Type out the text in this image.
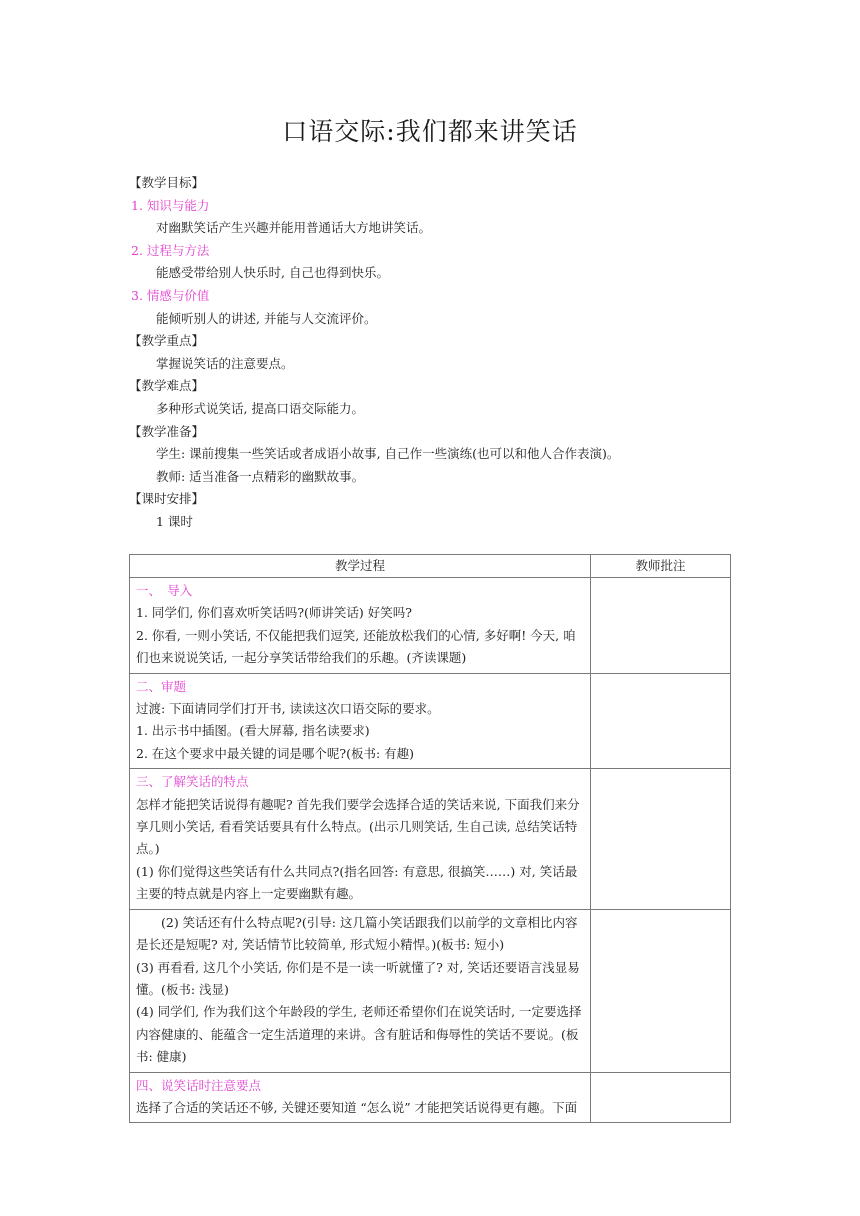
口语交际:我们都来讲笑话
【教学目标】
1. 知识与能力
对幽默笑话产生兴趣并能用普通话大方地讲笑话。
2. 过程与方法
能感受带给别人快乐时, 自己也得到快乐。
3. 情感与价值
能倾听别人的讲述, 并能与人交流评价。
【教学重点】
掌握说笑话的注意要点。
【教学难点】
多种形式说笑话, 提高口语交际能力。
【教学准备】
学生: 课前搜集一些笑话或者成语小故事, 自己作一些演练(也可以和他人合作表演)。
教师: 适当准备一点精彩的幽默故事。
【课时安排】
1 课时
教学过程	教师批注

一、　导入

1. 同学们, 你们喜欢听笑话吗?(师讲笑话) 好笑吗?

2. 你看, 一则小笑话, 不仅能把我们逗笑, 还能放松我们的心情, 多好啊! 今天, 咱们也来说说笑话, 一起分享笑话带给我们的乐趣。(齐读课题)	

二、审题

过渡: 下面请同学们打开书, 读读这次口语交际的要求。

1. 出示书中插图。(看大屏幕, 指名读要求)

2. 在这个要求中最关键的词是哪个呢?(板书: 有趣)	

三、了解笑话的特点

怎样才能把笑话说得有趣呢? 首先我们要学会选择合适的笑话来说, 下面我们来分享几则小笑话, 看看笑话要具有什么特点。(出示几则笑话, 生自己读, 总结笑话特点。)

(1) 你们觉得这些笑话有什么共同点?(指名回答: 有意思, 很搞笑……) 对, 笑话最主要的特点就是内容上一定要幽默有趣。	

(2) 笑话还有什么特点呢?(引导: 这几篇小笑话跟我们以前学的文章相比内容是长还是短呢? 对, 笑话情节比较简单, 形式短小精悍。)(板书: 短小)

(3) 再看看, 这几个小笑话, 你们是不是一读一听就懂了? 对, 笑话还要语言浅显易懂。(板书: 浅显)

(4) 同学们, 作为我们这个年龄段的学生, 老师还希望你们在说笑话时, 一定要选择内容健康的、能蕴含一定生活道理的来讲。含有脏话和侮辱性的笑话不要说。(板书: 健康)	

四、说笑话时注意要点

选择了合适的笑话还不够, 关键还要知道 “怎么说” 才能把笑话说得更有趣。下面	
